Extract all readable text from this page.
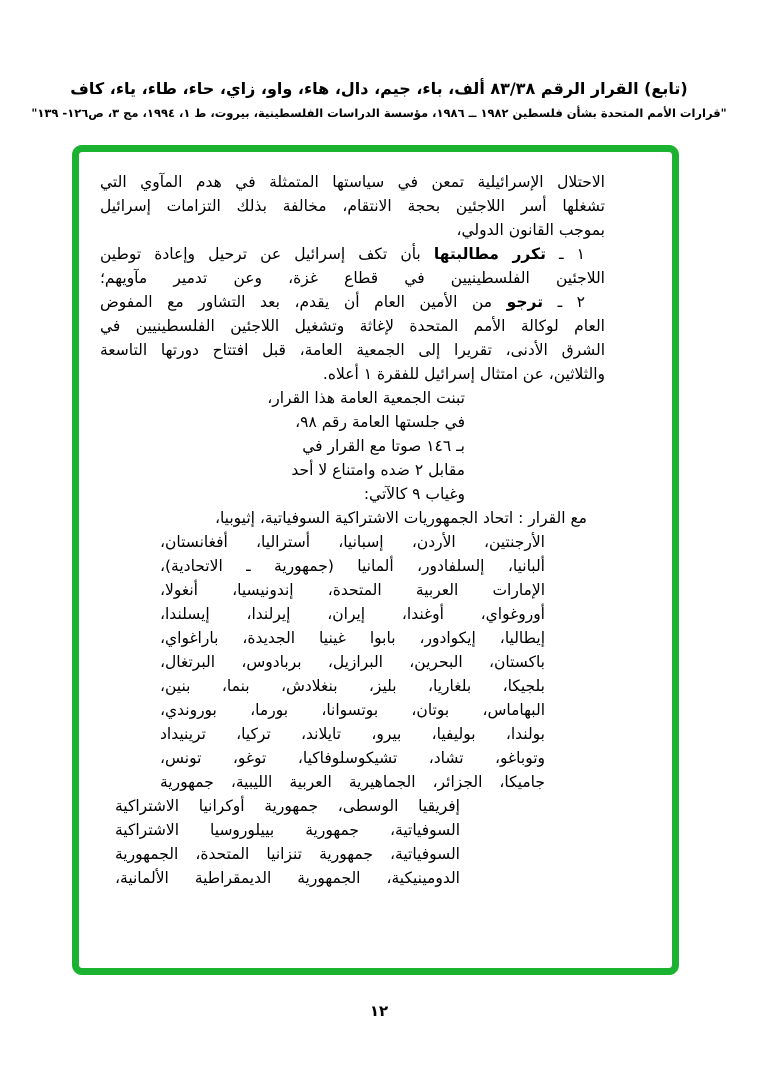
(تابع) القرار الرقم ٨٣/٣٨ ألف، باء، جيم، دال، هاء، واو، زاي، حاء، طاء، ياء، كاف
"قرارات الأمم المتحدة بشأن فلسطين ١٩٨٢ ــ ١٩٨٦، مؤسسة الدراسات الفلسطينية، بيروت، ط ١، ١٩٩٤، مج ٣، ص١٢٦- ١٣٩"
الاحتلال الإسرائيلية تمعن في سياستها المتمثلة في هدم المآوي التي
تشغلها أسر اللاجئين بحجة الانتقام، مخالفة بذلك التزامات إسرائيل
بموجب القانون الدولي،
١ ـ تكرر مطالبتها بأن تكف إسرائيل عن ترحيل وإعادة توطين
اللاجئين الفلسطينيين في قطاع غزة، وعن تدمير مآويهم؛
٢ ـ ترجو من الأمين العام أن يقدم، بعد التشاور مع المفوض
العام لوكالة الأمم المتحدة لإغاثة وتشغيل اللاجئين الفلسطينيين في
الشرق الأدنى، تقريرا إلى الجمعية العامة، قبل افتتاح دورتها التاسعة
والثلاثين، عن امتثال إسرائيل للفقرة ١ أعلاه.
تبنت الجمعية العامة هذا القرار،
في جلستها العامة رقم ٩٨،
بـ ١٤٦ صوتا مع القرار في
مقابل ٢ ضده وامتناع لا أحد
وغياب ٩ كالآتي:
مع القرار : اتحاد الجمهوريات الاشتراكية السوفياتية، إثيوبيا،
الأرجنتين، الأردن، إسبانيا، أستراليا، أفغانستان،
ألبانيا، إلسلفادور، ألمانيا (جمهورية ـ الاتحادية)،
الإمارات العربية المتحدة، إندونيسيا، أنغولا،
أوروغواي، أوغندا، إيران، إيرلندا، إيسلندا،
إيطاليا، إيكوادور، بابوا غينيا الجديدة، باراغواي،
باكستان، البحرين، البرازيل، بربادوس، البرتغال،
بلجيكا، بلغاريا، بليز، بنغلادش، بنما، بنين،
البهاماس، بوتان، بوتسوانا، بورما، بوروندي،
بولندا، بوليفيا، بيرو، تايلاند، تركيا، ترينيداد
وتوباغو، تشاد، تشيكوسلوفاكيا، توغو، تونس،
جاميكا، الجزائر، الجماهيرية العربية الليبية، جمهورية
إفريقيا الوسطى، جمهورية أوكرانيا الاشتراكية
السوفياتية، جمهورية بييلوروسيا الاشتراكية
السوفياتية، جمهورية تنزانيا المتحدة، الجمهورية
الدومينيكية، الجمهورية الديمقراطية الألمانية،
١٢
